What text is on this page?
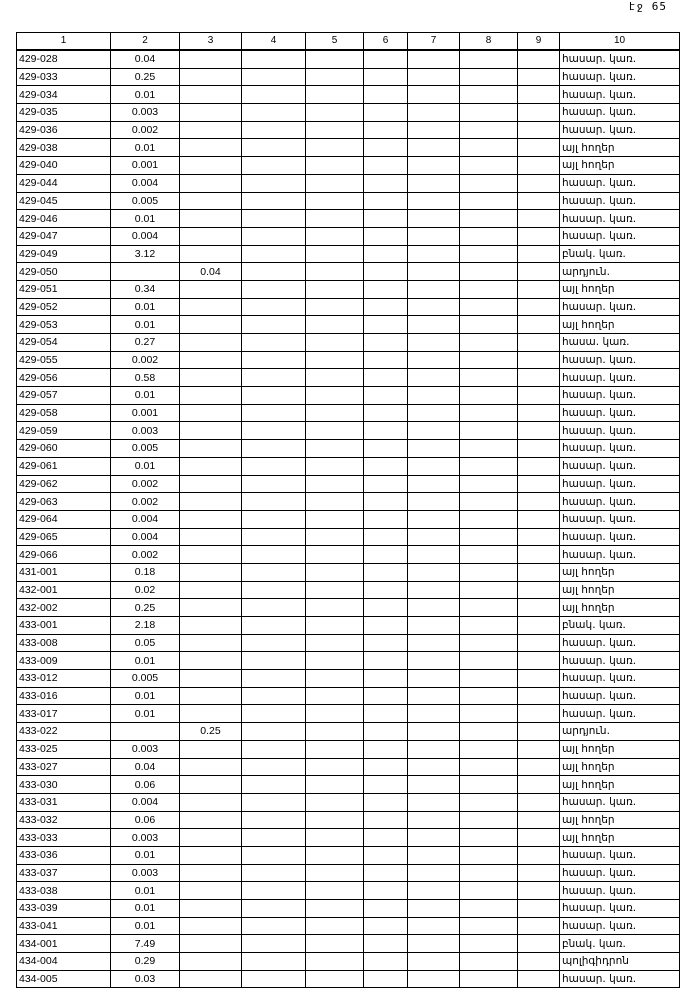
էջ 65
1	2	3	4	5	6	7	8	9	10
429-028	0.04								հասար. կառ.
429-033	0.25								հասար. կառ.
429-034	0.01								հասար. կառ.
429-035	0.003								հասար. կառ.
429-036	0.002								հասար. կառ.
429-038	0.01								այլ հողեր
429-040	0.001								այլ հողեր
429-044	0.004								հասար. կառ.
429-045	0.005								հասար. կառ.
429-046	0.01								հասար. կառ.
429-047	0.004								հասար. կառ.
429-049	3.12								բնակ. կառ.
429-050		0.04							արդյուն.
429-051	0.34								այլ հողեր
429-052	0.01								հասար. կառ.
429-053	0.01								այլ հողեր
429-054	0.27								հասա. կառ.
429-055	0.002								հասար. կառ.
429-056	0.58								հասար. կառ.
429-057	0.01								հասար. կառ.
429-058	0.001								հասար. կառ.
429-059	0.003								հասար. կառ.
429-060	0.005								հասար. կառ.
429-061	0.01								հասար. կառ.
429-062	0.002								հասար. կառ.
429-063	0.002								հասար. կառ.
429-064	0.004								հասար. կառ.
429-065	0.004								հասար. կառ.
429-066	0.002								հասար. կառ.
431-001	0.18								այլ հողեր
432-001	0.02								այլ հողեր
432-002	0.25								այլ հողեր
433-001	2.18								բնակ. կառ.
433-008	0.05								հասար. կառ.
433-009	0.01								հասար. կառ.
433-012	0.005								հասար. կառ.
433-016	0.01								հասար. կառ.
433-017	0.01								հասար. կառ.
433-022		0.25							արդյուն.
433-025	0.003								այլ հողեր
433-027	0.04								այլ հողեր
433-030	0.06								այլ հողեր
433-031	0.004								հասար. կառ.
433-032	0.06								այլ հողեր
433-033	0.003								այլ հողեր
433-036	0.01								հասար. կառ.
433-037	0.003								հասար. կառ.
433-038	0.01								հասար. կառ.
433-039	0.01								հասար. կառ.
433-041	0.01								հասար. կառ.
434-001	7.49								բնակ. կառ.
434-004	0.29								պոլիգիդրոն
434-005	0.03								հասար. կառ.
